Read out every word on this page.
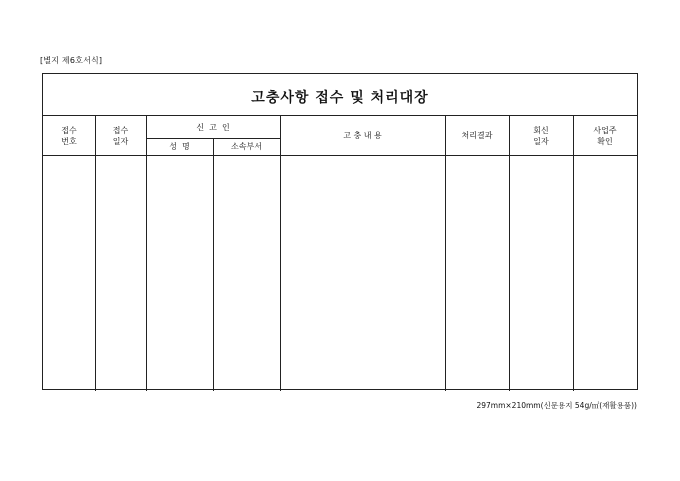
[별지 제6호서식]
고충사항 접수 및 처리대장
접수
번호
접수
일자
신  고  인
성  명	소속부서
고 충 내 용	처리결과
회신
일자
사업주
확인
297mm×210mm(신문용지 54g/㎡(재활용품))
